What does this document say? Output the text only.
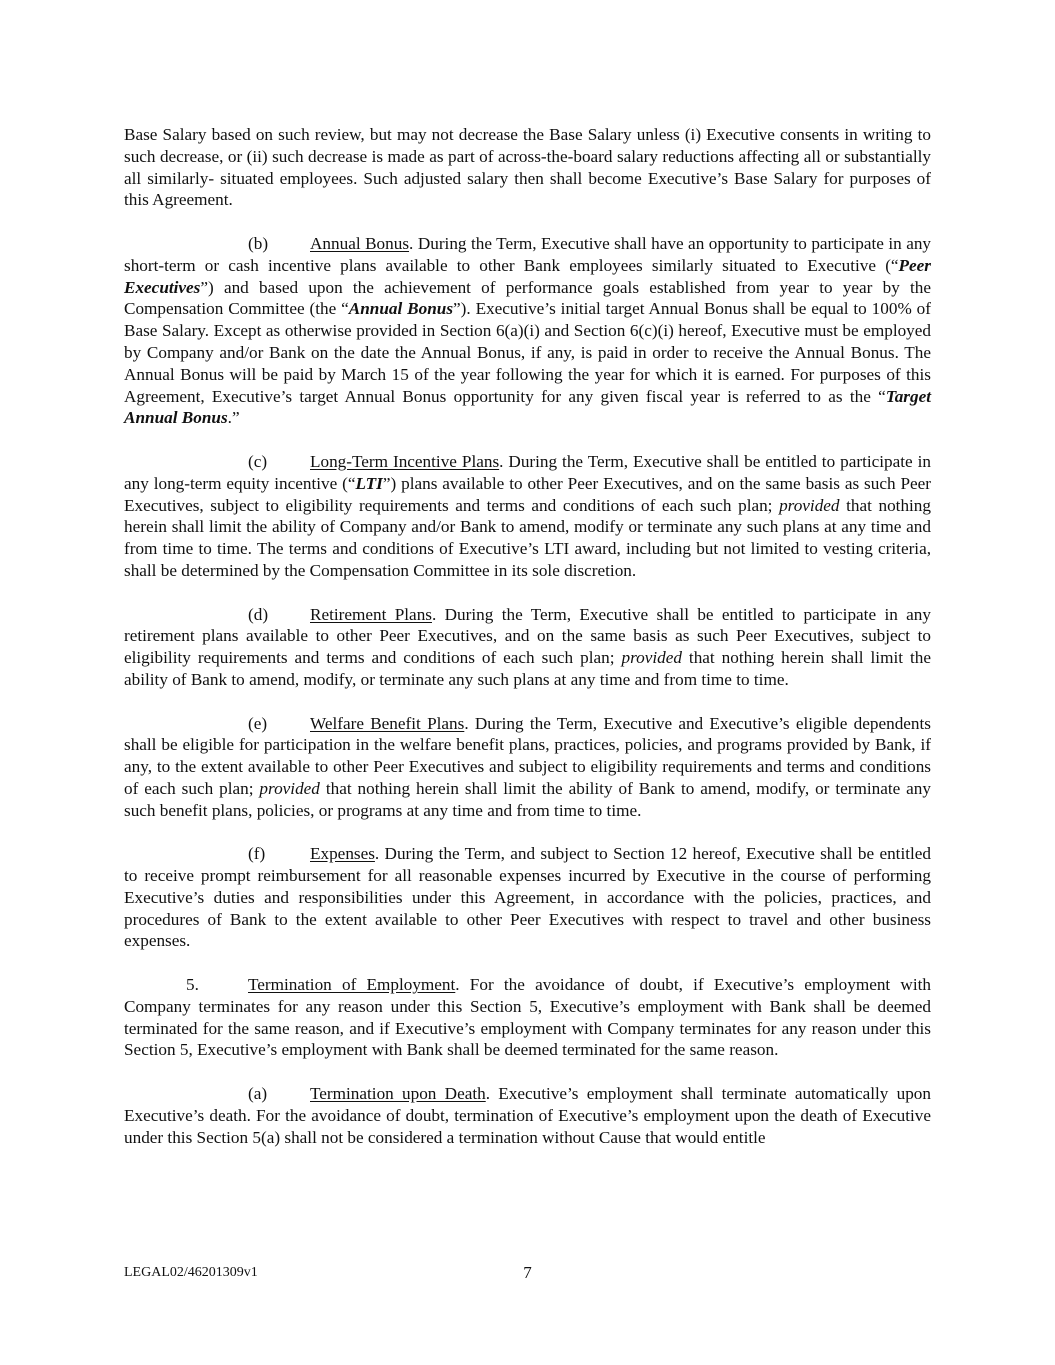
Base Salary based on such review, but may not decrease the Base Salary unless (i) Executive consents in writing to such decrease, or (ii) such decrease is made as part of across-the-board salary reductions affecting all or substantially all similarly- situated employees. Such adjusted salary then shall become Executive’s Base Salary for purposes of this Agreement.

(b) Annual Bonus. During the Term, Executive shall have an opportunity to participate in any short-term or cash incentive plans available to other Bank employees similarly situated to Executive (“Peer Executives”) and based upon the achievement of performance goals established from year to year by the Compensation Committee (the “Annual Bonus”). Executive’s initial target Annual Bonus shall be equal to 100% of Base Salary. Except as otherwise provided in Section 6(a)(i) and Section 6(c)(i) hereof, Executive must be employed by Company and/or Bank on the date the Annual Bonus, if any, is paid in order to receive the Annual Bonus. The Annual Bonus will be paid by March 15 of the year following the year for which it is earned. For purposes of this Agreement, Executive’s target Annual Bonus opportunity for any given fiscal year is referred to as the “Target Annual Bonus.”

(c) Long-Term Incentive Plans. During the Term, Executive shall be entitled to participate in any long-term equity incentive (“LTI”) plans available to other Peer Executives, and on the same basis as such Peer Executives, subject to eligibility requirements and terms and conditions of each such plan; provided that nothing herein shall limit the ability of Company and/or Bank to amend, modify or terminate any such plans at any time and from time to time. The terms and conditions of Executive’s LTI award, including but not limited to vesting criteria, shall be determined by the Compensation Committee in its sole discretion.

(d) Retirement Plans. During the Term, Executive shall be entitled to participate in any retirement plans available to other Peer Executives, and on the same basis as such Peer Executives, subject to eligibility requirements and terms and conditions of each such plan; provided that nothing herein shall limit the ability of Bank to amend, modify, or terminate any such plans at any time and from time to time.

(e) Welfare Benefit Plans. During the Term, Executive and Executive’s eligible dependents shall be eligible for participation in the welfare benefit plans, practices, policies, and programs provided by Bank, if any, to the extent available to other Peer Executives and subject to eligibility requirements and terms and conditions of each such plan; provided that nothing herein shall limit the ability of Bank to amend, modify, or terminate any such benefit plans, policies, or programs at any time and from time to time.

(f)	Expenses. During the Term, and subject to Section 12 hereof, Executive shall be entitled to receive prompt reimbursement for all reasonable expenses incurred by Executive in the course of performing Executive’s duties and responsibilities under this Agreement, in accordance with the policies, practices, and procedures of Bank to the extent available to other Peer Executives with respect to travel and other business expenses.

5.	Termination of Employment. For the avoidance of doubt, if Executive’s employment with Company terminates for any reason under this Section 5, Executive’s employment with Bank shall be deemed terminated for the same reason, and if Executive’s employment with Company terminates for any reason under this Section 5, Executive’s employment with Bank shall be deemed terminated for the same reason.

(a) Termination upon Death. Executive’s employment shall terminate automatically upon Executive’s death. For the avoidance of doubt, termination of Executive’s employment upon the death of Executive under this Section 5(a) shall not be considered a termination without Cause that would entitle

LEGAL02/46201309v1	7
